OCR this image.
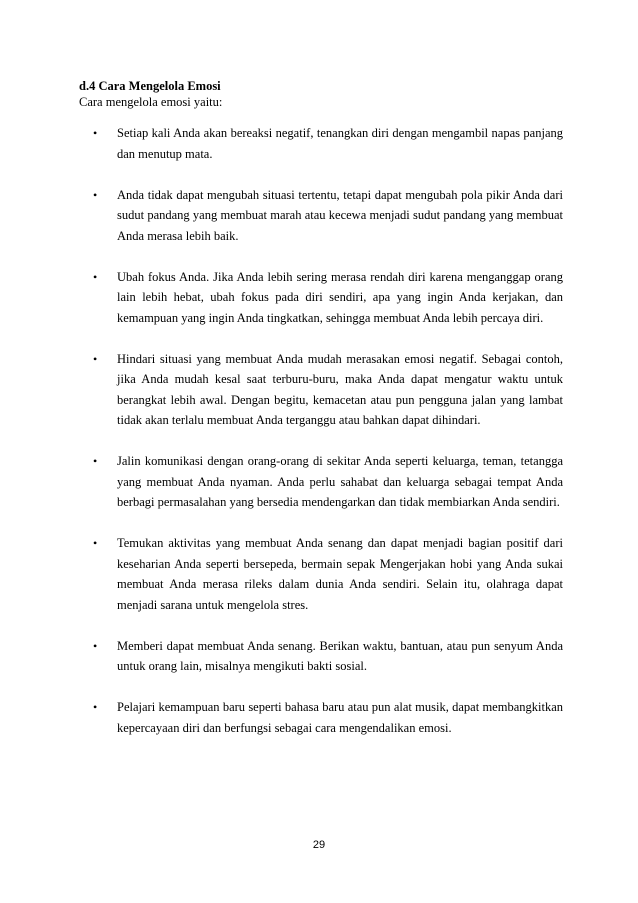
d.4 Cara Mengelola Emosi
Cara mengelola emosi yaitu:
•	Setiap kali Anda akan bereaksi negatif, tenangkan diri dengan mengambil napas panjang dan menutup mata.
•	Anda tidak dapat mengubah situasi tertentu, tetapi dapat mengubah pola pikir Anda dari sudut pandang yang membuat marah atau kecewa menjadi sudut pandang yang membuat Anda merasa lebih baik.
•	Ubah fokus Anda. Jika Anda lebih sering merasa rendah diri karena menganggap orang lain lebih hebat, ubah fokus pada diri sendiri, apa yang ingin Anda kerjakan, dan kemampuan yang ingin Anda tingkatkan, sehingga membuat Anda lebih percaya diri.
•	Hindari situasi yang membuat Anda mudah merasakan emosi negatif. Sebagai contoh, jika Anda mudah kesal saat terburu-buru, maka Anda dapat mengatur waktu untuk berangkat lebih awal. Dengan begitu, kemacetan atau pun pengguna jalan yang lambat tidak akan terlalu membuat Anda terganggu atau bahkan dapat dihindari.
•	Jalin komunikasi dengan orang-orang di sekitar Anda seperti keluarga, teman, tetangga yang membuat Anda nyaman. Anda perlu sahabat dan keluarga sebagai tempat Anda berbagi permasalahan yang bersedia mendengarkan dan tidak membiarkan Anda sendiri.
•	Temukan aktivitas yang membuat Anda senang dan dapat menjadi bagian positif dari keseharian Anda seperti bersepeda, bermain sepak Mengerjakan hobi yang Anda sukai membuat Anda merasa rileks dalam dunia Anda sendiri. Selain itu, olahraga dapat menjadi sarana untuk mengelola stres.
•	Memberi dapat membuat Anda senang. Berikan waktu, bantuan, atau pun senyum Anda untuk orang lain, misalnya mengikuti bakti sosial.
•	Pelajari kemampuan baru seperti bahasa baru atau pun alat musik, dapat membangkitkan kepercayaan diri dan berfungsi sebagai cara mengendalikan emosi.
29
